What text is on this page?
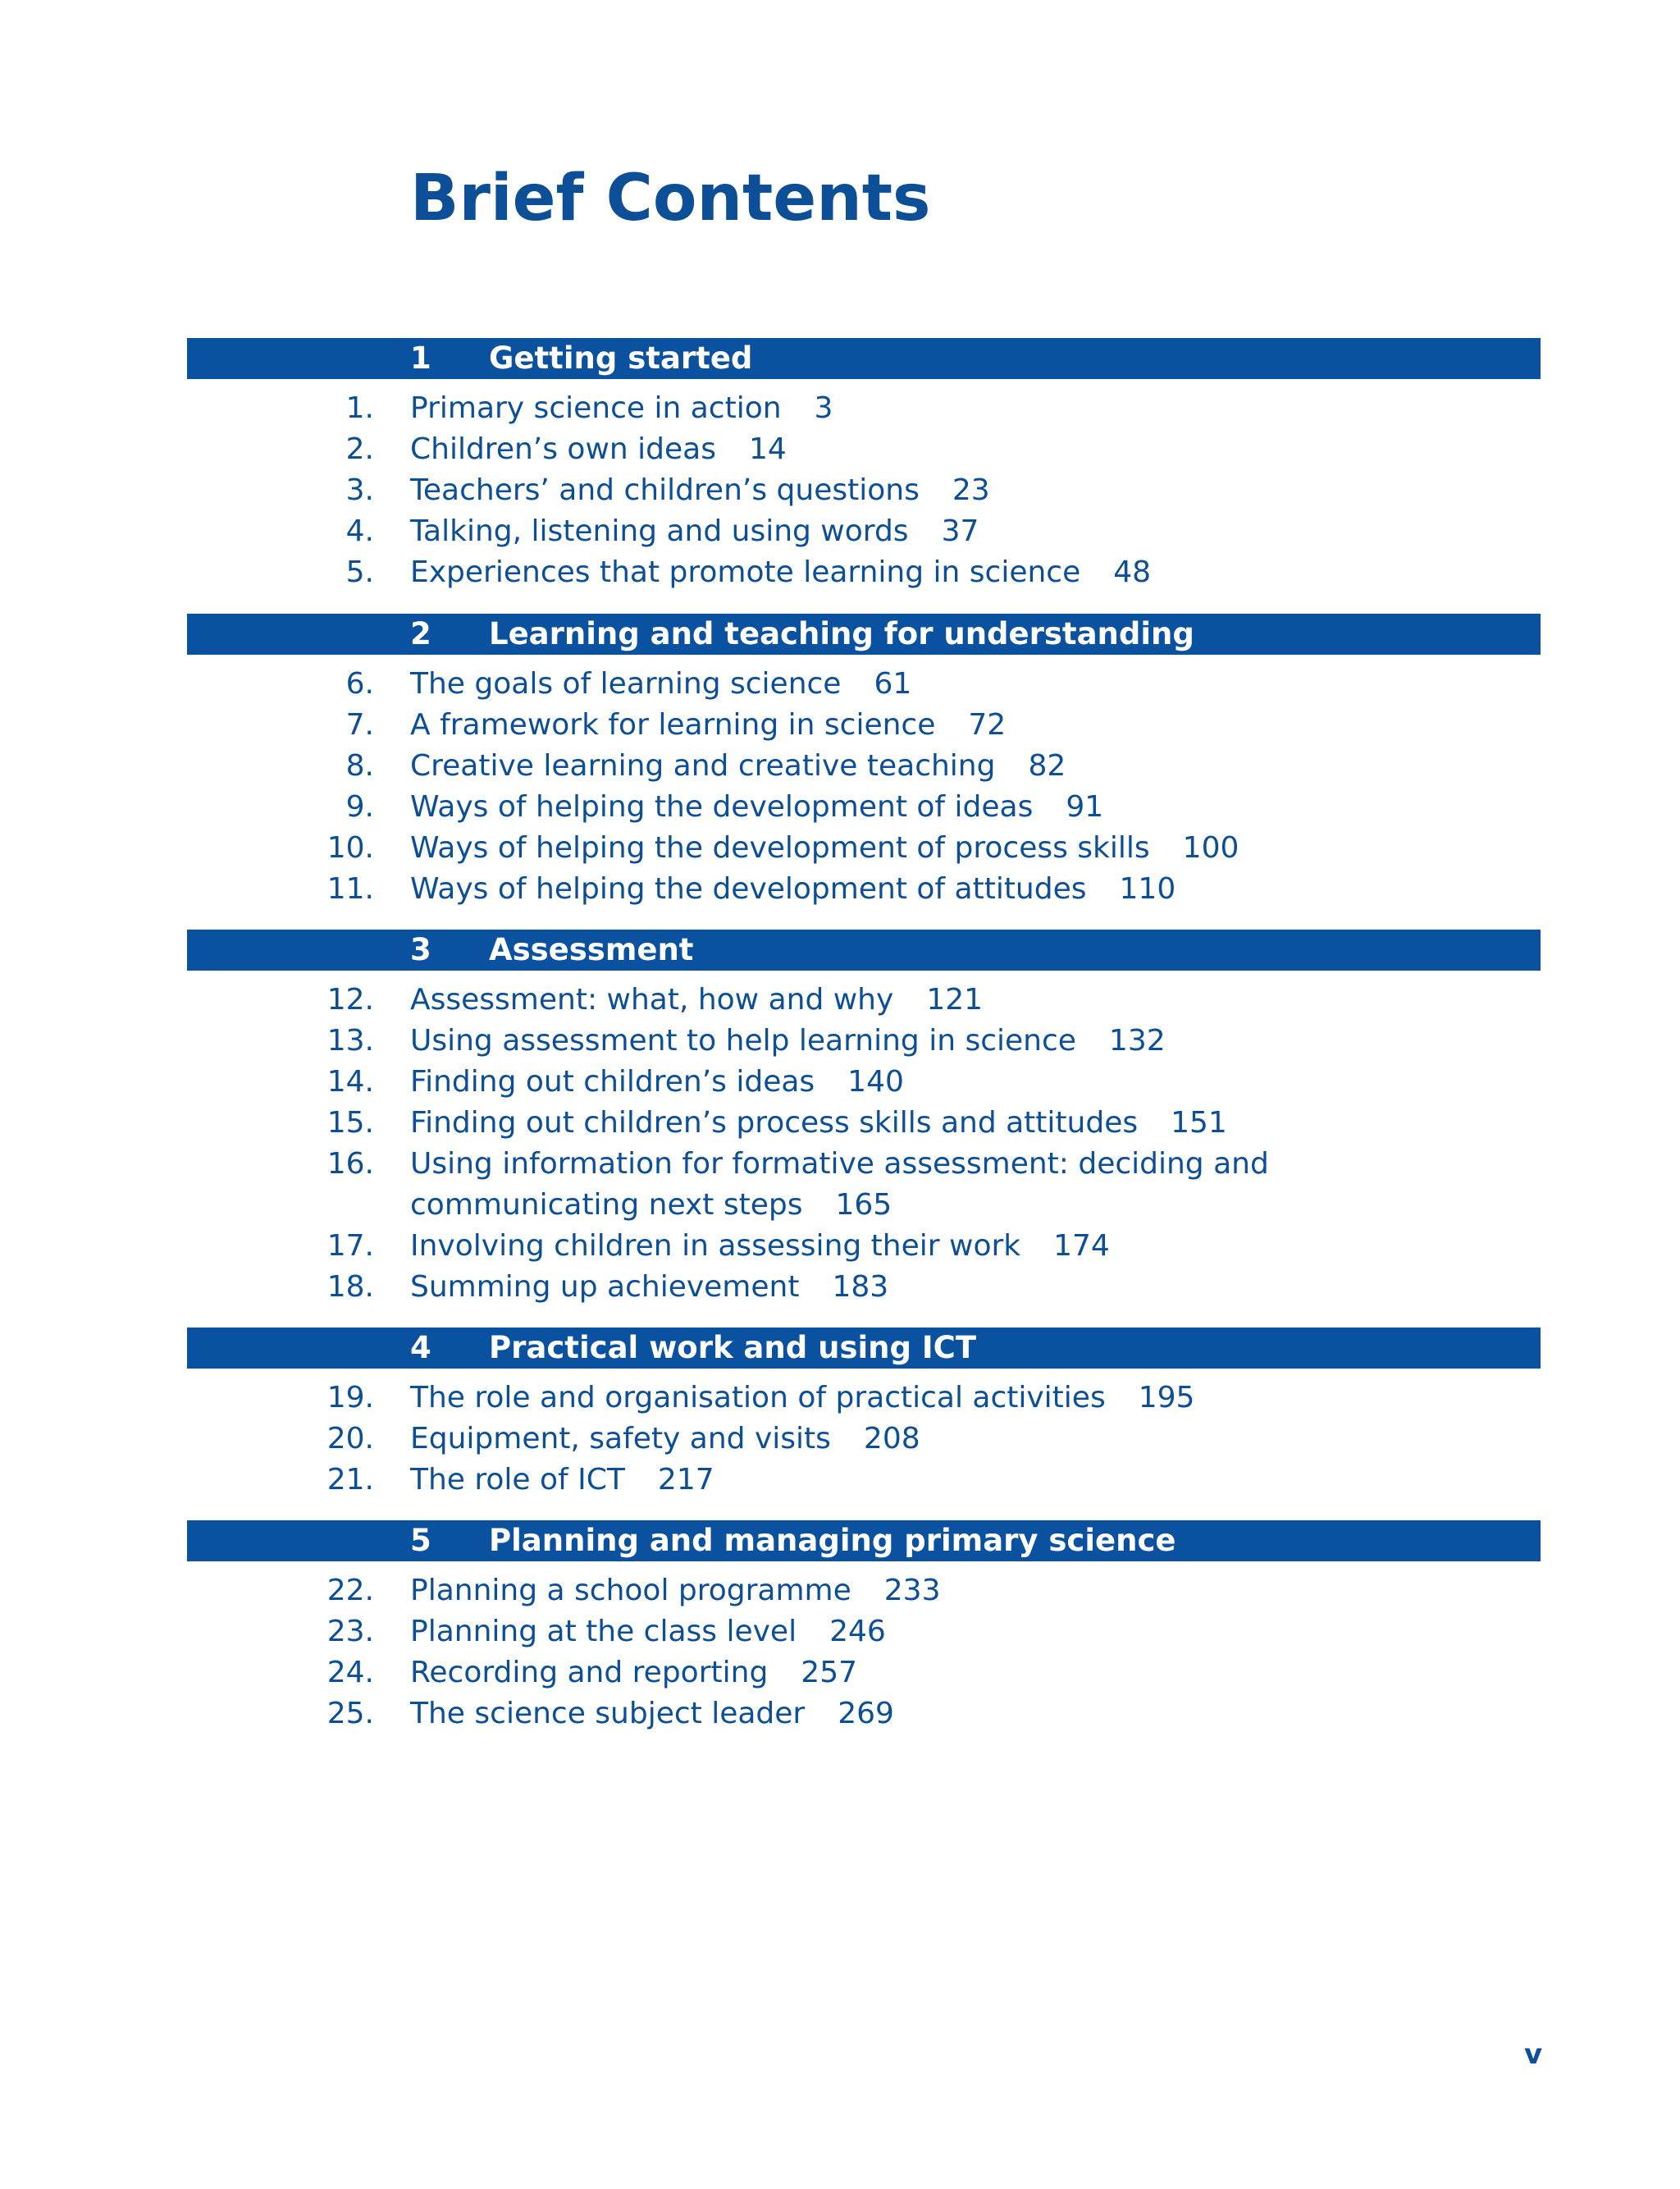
Brief Contents
1 Getting started
1. Primary science in action 3
2. Children’s own ideas 14
3. Teachers’ and children’s questions 23
4. Talking, listening and using words 37
5. Experiences that promote learning in science 48
2 Learning and teaching for understanding
6. The goals of learning science 61
7. A framework for learning in science 72
8. Creative learning and creative teaching 82
9. Ways of helping the development of ideas 91
10. Ways of helping the development of process skills 100
11. Ways of helping the development of attitudes 110
3 Assessment
12. Assessment: what, how and why 121
13. Using assessment to help learning in science 132
14. Finding out children’s ideas 140
15. Finding out children’s process skills and attitudes 151
16. Using information for formative assessment: deciding and communicating next steps 165
17. Involving children in assessing their work 174
18. Summing up achievement 183
4 Practical work and using ICT
19. The role and organisation of practical activities 195
20. Equipment, safety and visits 208
21. The role of ICT 217
5 Planning and managing primary science
22. Planning a school programme 233
23. Planning at the class level 246
24. Recording and reporting 257
25. The science subject leader 269
v
